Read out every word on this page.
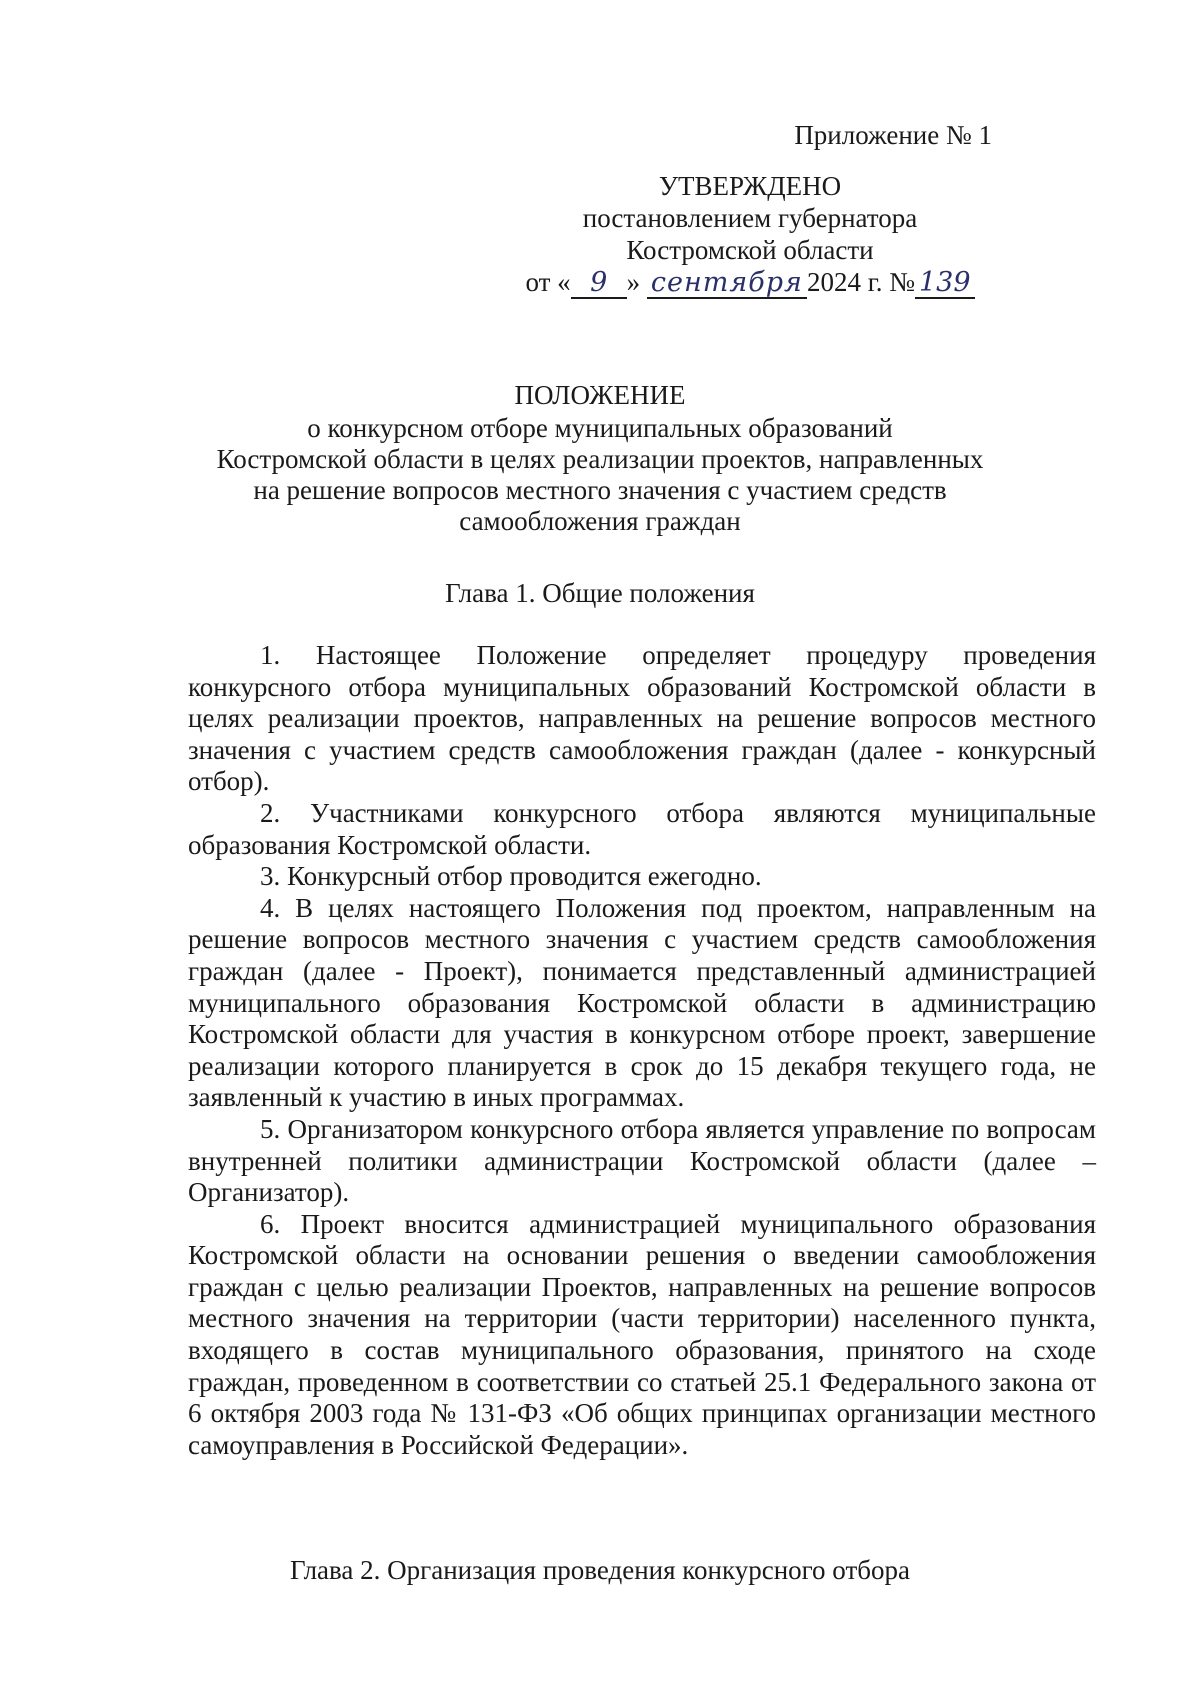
Приложение № 1
УТВЕРЖДЕНО
постановлением губернатора
Костромской области
от « 9 » сентября 2024 г. № 139
ПОЛОЖЕНИЕ
о конкурсном отборе муниципальных образований
Костромской области в целях реализации проектов, направленных
на решение вопросов местного значения с участием средств
самообложения граждан
Глава 1. Общие положения

1. Настоящее Положение определяет процедуру проведения конкурсного отбора муниципальных образований Костромской области в целях реализации проектов, направленных на решение вопросов местного значения с участием средств самообложения граждан (далее - конкурсный отбор).

2. Участниками конкурсного отбора являются муниципальные образования Костромской области.

3. Конкурсный отбор проводится ежегодно.

4. В целях настоящего Положения под проектом, направленным на решение вопросов местного значения с участием средств самообложения граждан (далее - Проект), понимается представленный администрацией муниципального образования Костромской области в администрацию Костромской области для участия в конкурсном отборе проект, завершение реализации которого планируется в срок до 15 декабря текущего года, не заявленный к участию в иных программах.

5. Организатором конкурсного отбора является управление по вопросам внутренней политики администрации Костромской области (далее – Организатор).

6. Проект вносится администрацией муниципального образования Костромской области на основании решения о введении самообложения граждан с целью реализации Проектов, направленных на решение вопросов местного значения на территории (части территории) населенного пункта, входящего в состав муниципального образования, принятого на сходе граждан, проведенном в соответствии со статьей 25.1 Федерального закона от 6 октября 2003 года № 131-ФЗ «Об общих принципах организации местного самоуправления в Российской Федерации».

Глава 2. Организация проведения конкурсного отбора
